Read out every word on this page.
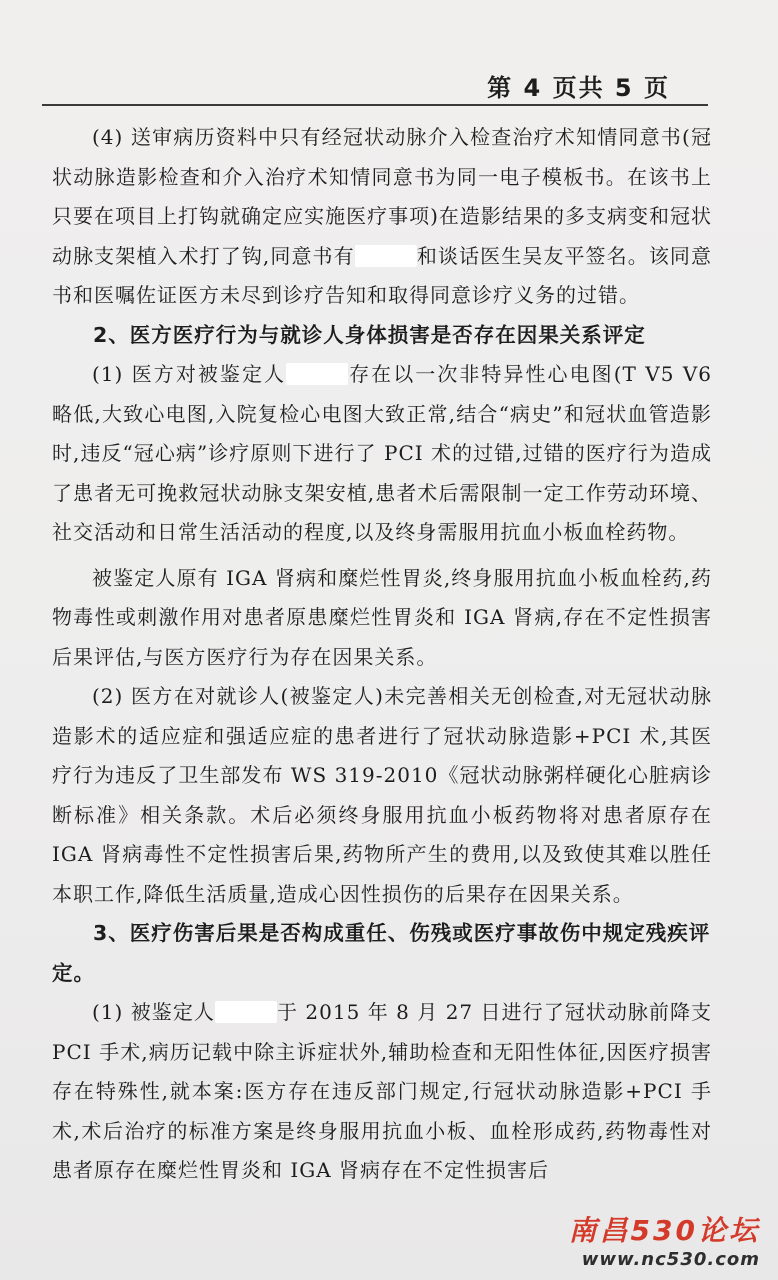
第 4 页共 5 页

(4) 送审病历资料中只有经冠状动脉介入检查治疗术知情同意书(冠状动脉造影检查和介入治疗术知情同意书为同一电子模板书。在该书上只要在项目上打钩就确定应实施医疗事项)在造影结果的多支病变和冠状动脉支架植入术打了钩,同意书有	和谈话医生吴友平签名。该同意书和医嘱佐证医方未尽到诊疗告知和取得同意诊疗义务的过错。

2、医方医疗行为与就诊人身体损害是否存在因果关系评定

(1) 医方对被鉴定人	存在以一次非特异性心电图(T V5 V6 略低,大致心电图,入院复检心电图大致正常,结合“病史”和冠状血管造影时,违反“冠心病”诊疗原则下进行了 PCI 术的过错,过错的医疗行为造成了患者无可挽救冠状动脉支架安植,患者术后需限制一定工作劳动环境、社交活动和日常生活活动的程度,以及终身需服用抗血小板血栓药物。

被鉴定人原有 IGA 肾病和糜烂性胃炎,终身服用抗血小板血栓药,药物毒性或刺激作用对患者原患糜烂性胃炎和 IGA 肾病,存在不定性损害后果评估,与医方医疗行为存在因果关系。

(2) 医方在对就诊人(被鉴定人)未完善相关无创检查,对无冠状动脉造影术的适应症和强适应症的患者进行了冠状动脉造影+PCI 术,其医疗行为违反了卫生部发布 WS 319-2010《冠状动脉粥样硬化心脏病诊断标准》相关条款。术后必须终身服用抗血小板药物将对患者原存在 IGA 肾病毒性不定性损害后果,药物所产生的费用,以及致使其难以胜任本职工作,降低生活质量,造成心因性损伤的后果存在因果关系。

3、医疗伤害后果是否构成重任、伤残或医疗事故伤中规定残疾评定。

(1) 被鉴定人	于 2015 年 8 月 27 日进行了冠状动脉前降支 PCI 手术,病历记载中除主诉症状外,辅助检查和无阳性体征,因医疗损害存在特殊性,就本案:医方存在违反部门规定,行冠状动脉造影+PCI 手术,术后治疗的标准方案是终身服用抗血小板、血栓形成药,药物毒性对患者原存在糜烂性胃炎和 IGA 肾病存在不定性损害后

南昌530论坛
www.nc530.com
